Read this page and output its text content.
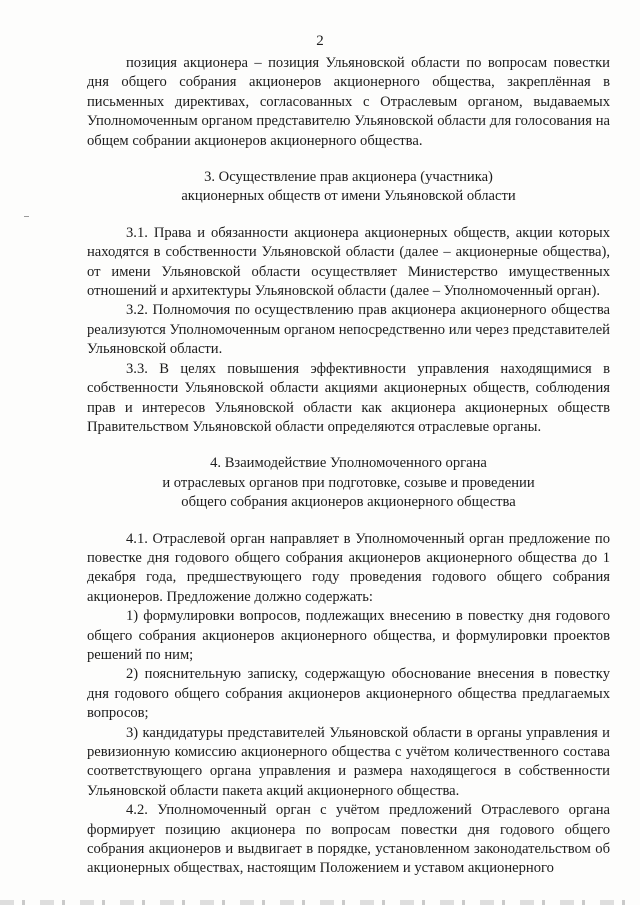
2

позиция акционера – позиция Ульяновской области по вопросам повестки дня общего собрания акционеров акционерного общества, закреплённая в письменных директивах, согласованных с Отраслевым органом, выдаваемых Уполномоченным органом представителю Ульяновской области для голосования на общем собрании акционеров акционерного общества.

3. Осуществление прав акционера (участника)

акционерных обществ от имени Ульяновской области

3.1. Права и обязанности акционера акционерных обществ, акции которых находятся в собственности Ульяновской области (далее – акционерные общества), от имени Ульяновской области осуществляет Министерство имущественных отношений и архитектуры Ульяновской области (далее – Уполномоченный орган).

3.2. Полномочия по осуществлению прав акционера акционерного общества реализуются Уполномоченным органом непосредственно или через представителей Ульяновской области.

3.3. В целях повышения эффективности управления находящимися в собственности Ульяновской области акциями акционерных обществ, соблюдения прав и интересов Ульяновской области как акционера акционерных обществ Правительством Ульяновской области определяются отраслевые органы.

4. Взаимодействие Уполномоченного органа

и отраслевых органов при подготовке, созыве и проведении

общего собрания акционеров акционерного общества

4.1. Отраслевой орган направляет в Уполномоченный орган предложение по повестке дня годового общего собрания акционеров акционерного общества до 1 декабря года, предшествующего году проведения годового общего собрания акционеров. Предложение должно содержать:

1) формулировки вопросов, подлежащих внесению в повестку дня годового общего собрания акционеров акционерного общества, и формулировки проектов решений по ним;

2) пояснительную записку, содержащую обоснование внесения в повестку дня годового общего собрания акционеров акционерного общества предлагаемых вопросов;

3) кандидатуры представителей Ульяновской области в органы управления и ревизионную комиссию акционерного общества с учётом количественного состава соответствующего органа управления и размера находящегося в собственности Ульяновской области пакета акций акционерного общества.

4.2. Уполномоченный орган с учётом предложений Отраслевого органа формирует позицию акционера по вопросам повестки дня годового общего собрания акционеров и выдвигает в порядке, установленном законодательством об акционерных обществах, настоящим Положением и уставом акционерного
